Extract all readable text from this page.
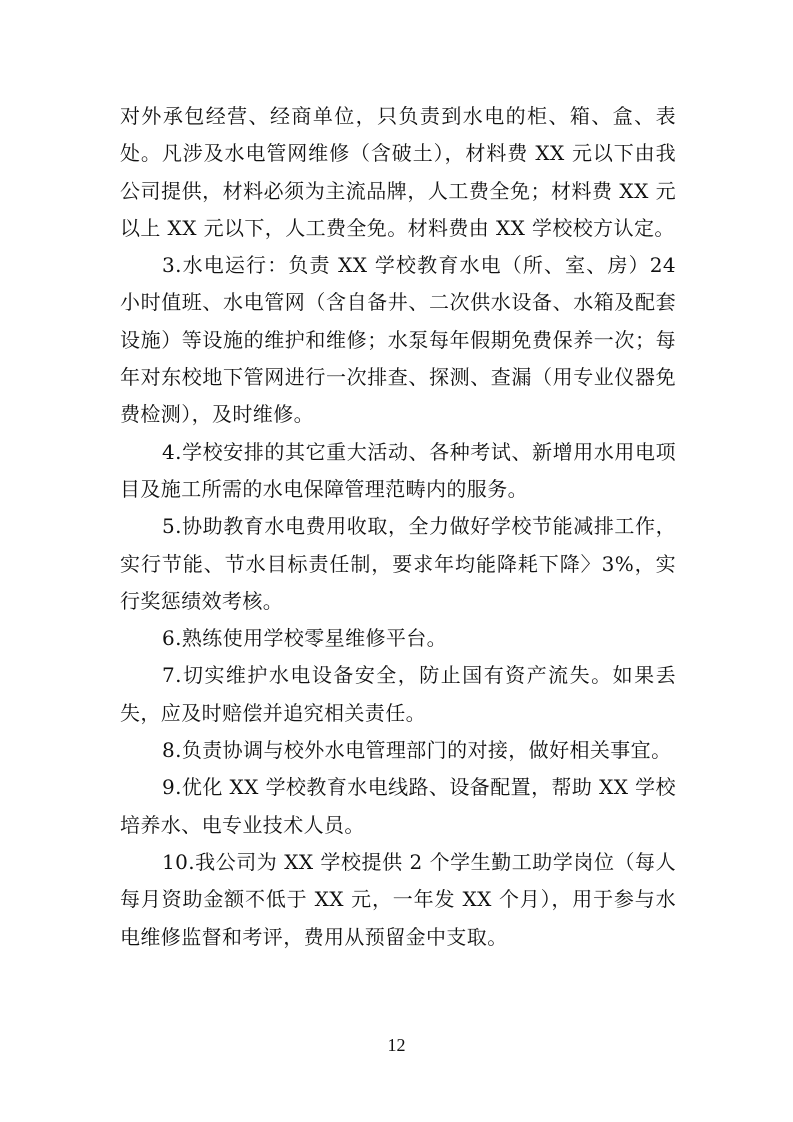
对外承包经营、经商单位，只负责到水电的柜、箱、盒、表处。凡涉及水电管网维修（含破土），材料费 XX 元以下由我公司提供，材料必须为主流品牌，人工费全免；材料费 XX 元以上 XX 元以下，人工费全免。材料费由 XX 学校校方认定。

3.水电运行：负责 XX 学校教育水电（所、室、房）24 小时值班、水电管网（含自备井、二次供水设备、水箱及配套设施）等设施的维护和维修；水泵每年假期免费保养一次；每年对东校地下管网进行一次排查、探测、查漏（用专业仪器免费检测），及时维修。

4.学校安排的其它重大活动、各种考试、新增用水用电项目及施工所需的水电保障管理范畴内的服务。

5.协助教育水电费用收取，全力做好学校节能减排工作，实行节能、节水目标责任制，要求年均能降耗下降〉3%，实行奖惩绩效考核。

6.熟练使用学校零星维修平台。

7.切实维护水电设备安全，防止国有资产流失。如果丢失，应及时赔偿并追究相关责任。

8.负责协调与校外水电管理部门的对接，做好相关事宜。

9.优化 XX 学校教育水电线路、设备配置，帮助 XX 学校培养水、电专业技术人员。

10.我公司为 XX 学校提供 2 个学生勤工助学岗位（每人每月资助金额不低于 XX 元，一年发 XX 个月），用于参与水电维修监督和考评，费用从预留金中支取。

12
